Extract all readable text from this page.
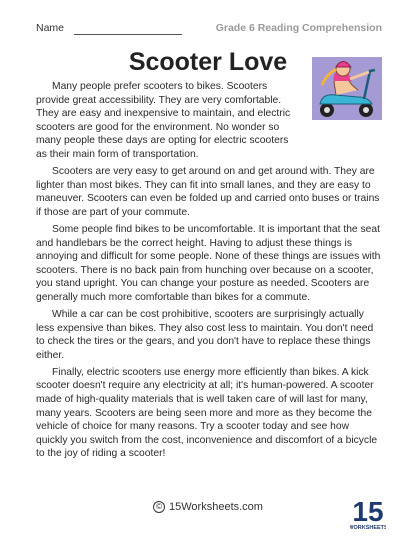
Name	Grade 6 Reading Comprehension
Scooter Love

Many people prefer scooters to bikes. Scooters provide great accessibility. They are very comfortable. They are easy and inexpensive to maintain, and electric scooters are good for the environment. No wonder so many people these days are opting for electric scooters as their main form of transportation.

Scooters are very easy to get around on and get around with. They are lighter than most bikes. They can fit into small lanes, and they are easy to maneuver. Scooters can even be folded up and carried onto buses or trains if those are part of your commute.

Some people find bikes to be uncomfortable. It is important that the seat and handlebars be the correct height. Having to adjust these things is annoying and difficult for some people. None of these things are issues with scooters. There is no back pain from hunching over because on a scooter, you stand upright. You can change your posture as needed. Scooters are generally much more comfortable than bikes for a commute.

While a car can be cost prohibitive, scooters are surprisingly actually less expensive than bikes. They also cost less to maintain. You don't need to check the tires or the gears, and you don't have to replace these things either.

Finally, electric scooters use energy more efficiently than bikes. A kick scooter doesn't require any electricity at all; it's human-powered. A scooter made of high-quality materials that is well taken care of will last for many, many years. Scooters are being seen more and more as they become the vehicle of choice for many reasons. Try a scooter today and see how quickly you switch from the cost, inconvenience and discomfort of a bicycle to the joy of riding a scooter!

© 15Worksheets.com	15
WORKSHEETS
